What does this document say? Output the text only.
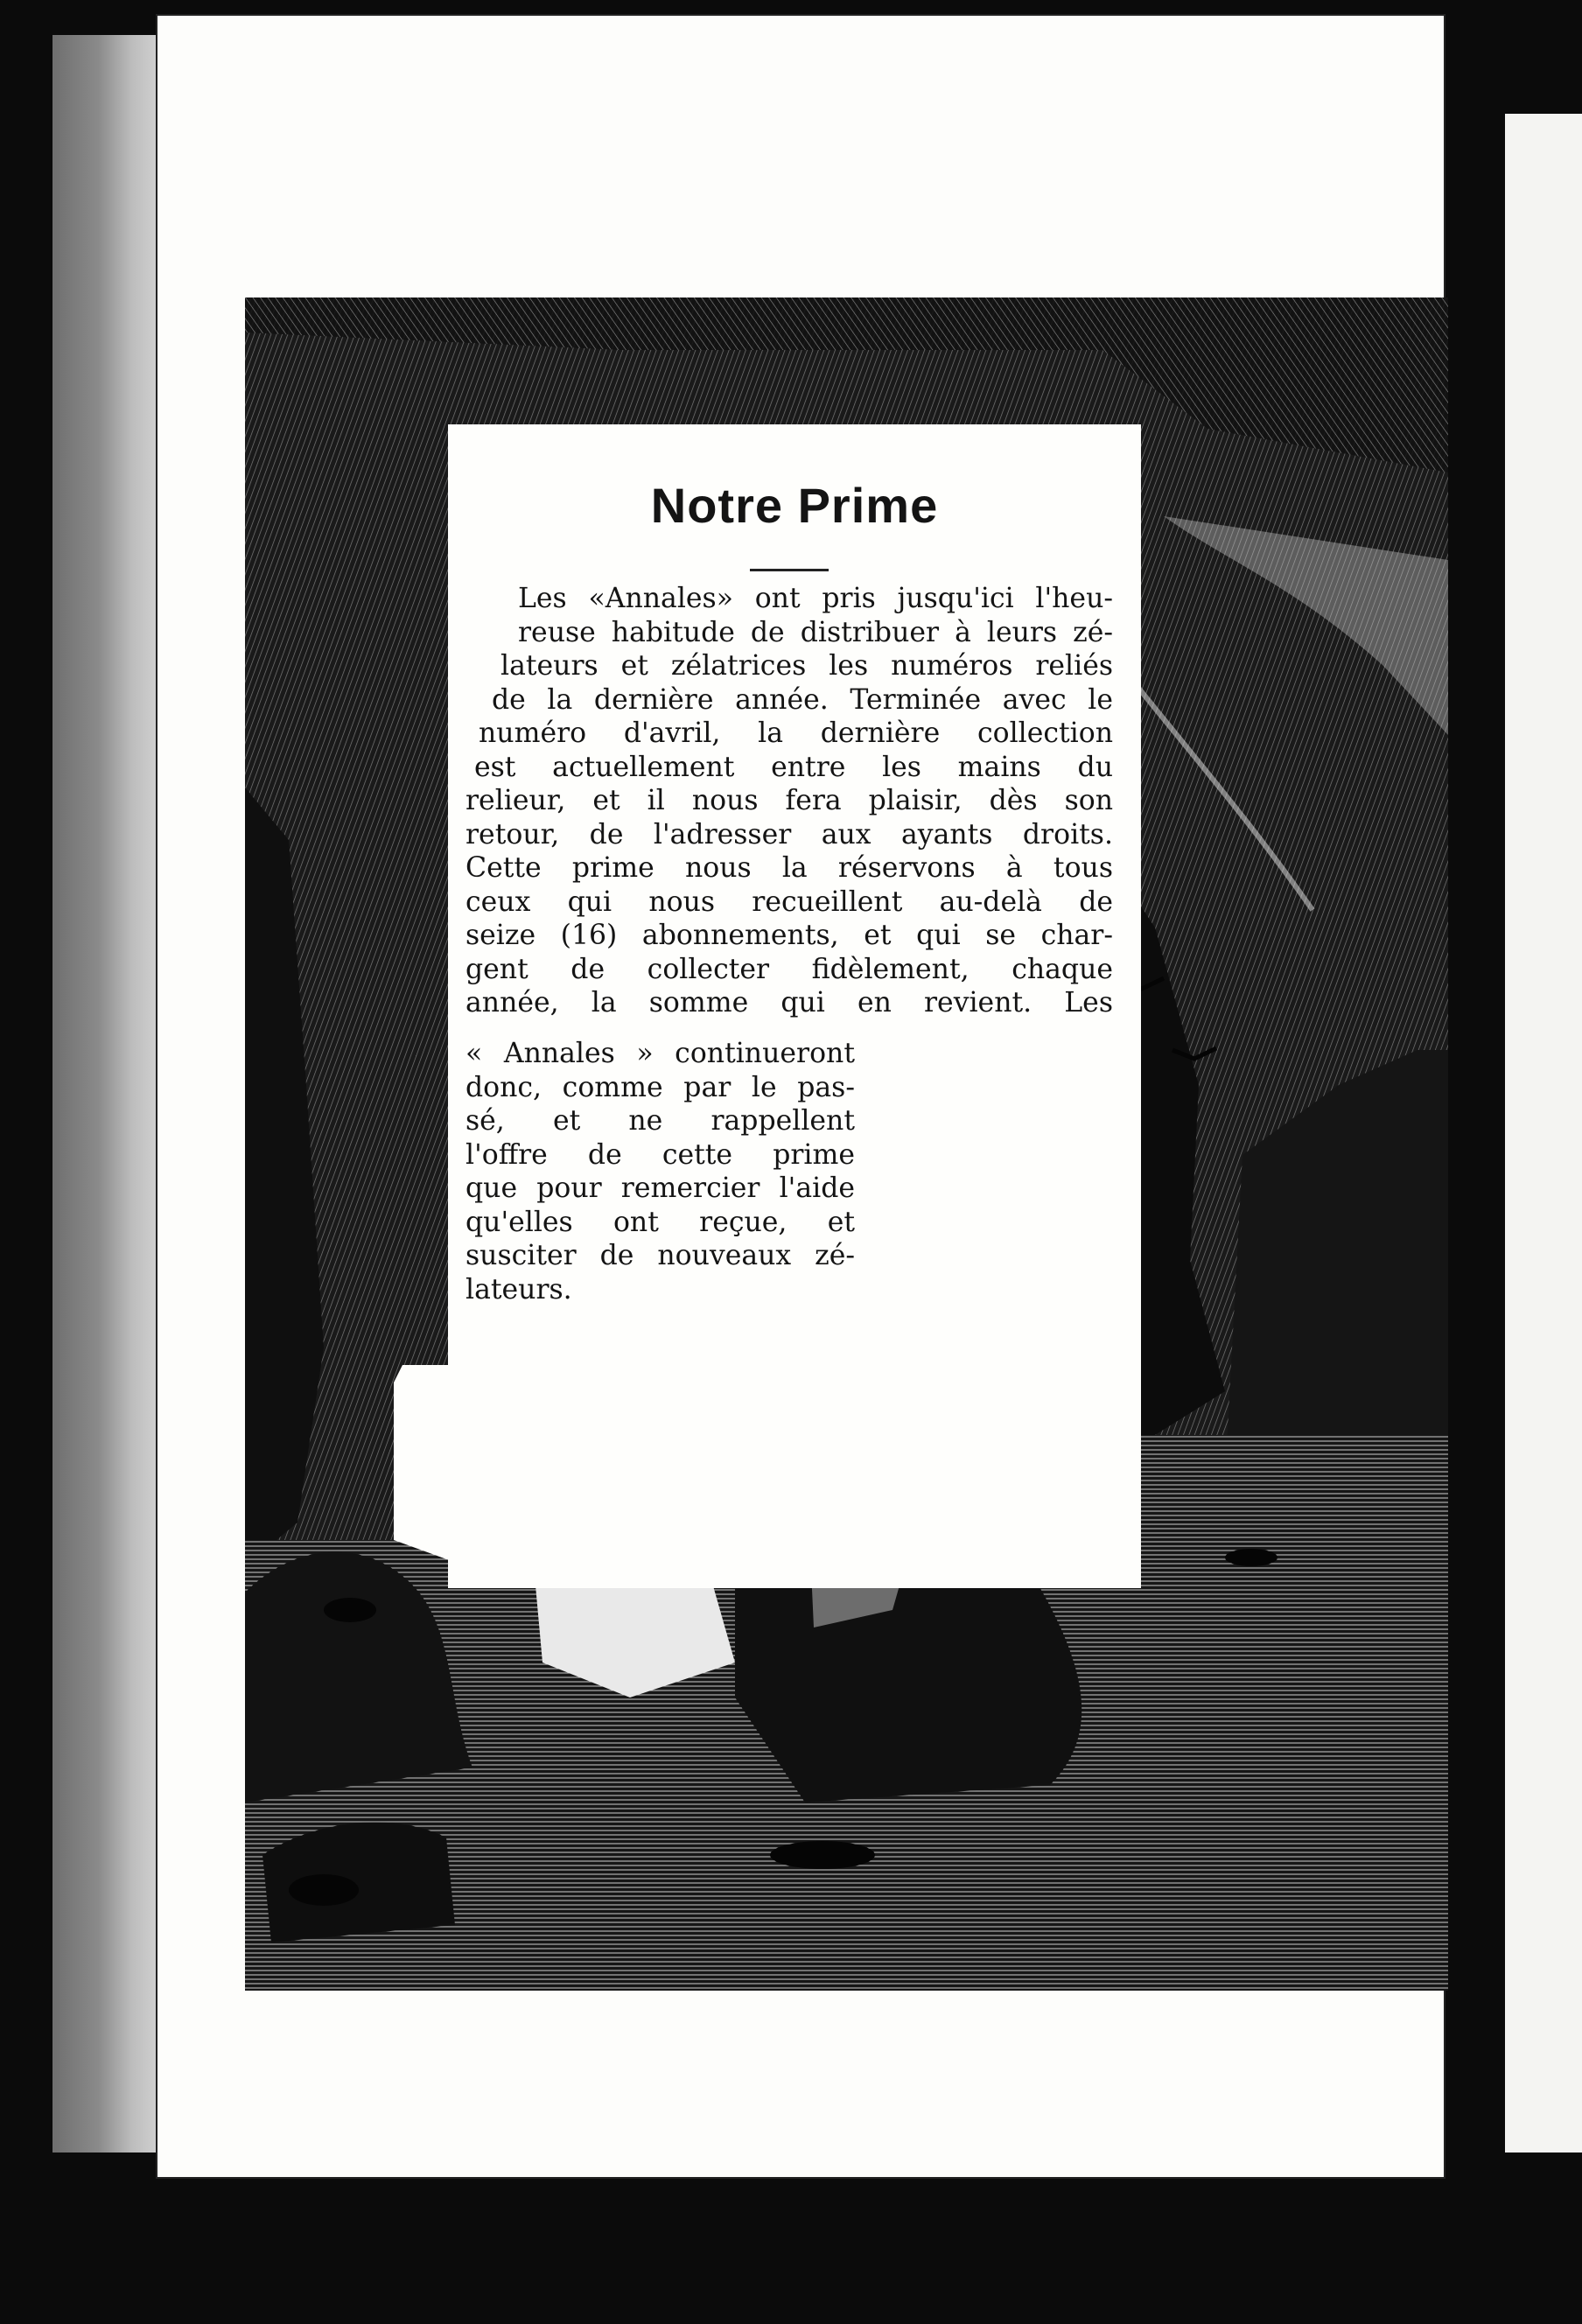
Notre Prime
Les «Annales» ont pris jusqu'ici l'heu-
reuse habitude de distribuer à leurs zé-
lateurs et zélatrices les numéros reliés
de la dernière année. Terminée avec le
numéro d'avril, la dernière collection
est actuellement entre les mains du
relieur, et il nous fera plaisir, dès son
retour, de l'adresser aux ayants droits.
Cette prime nous la réservons à tous
ceux qui nous recueillent au-delà de
seize (16) abonnements, et qui se char-
gent de collecter fidèlement, chaque
année, la somme qui en revient. Les
« Annales » continueront
donc, comme par le pas-
sé, et ne rappellent
l'offre de cette prime
que pour remercier l'aide
qu'elles ont reçue, et
susciter de nouveaux zé-
lateurs.
